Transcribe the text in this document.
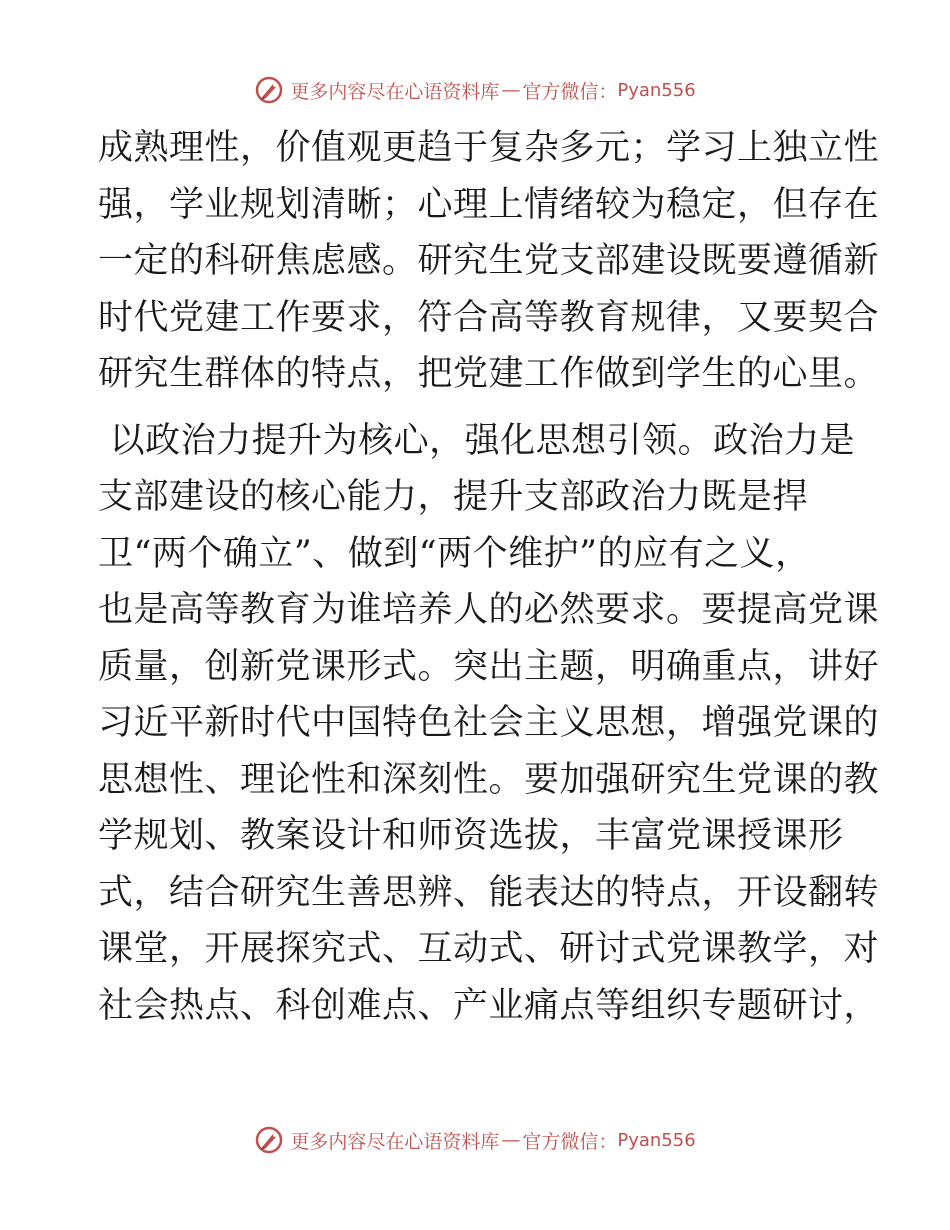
更多内容尽在心语资料库 — 官方微信： Pyan556
成熟理性，价值观更趋于复杂多元；学习上独立性
强，学业规划清晰；心理上情绪较为稳定，但存在
一定的科研焦虑感。研究生党支部建设既要遵循新
时代党建工作要求，符合高等教育规律，又要契合
研究生群体的特点，把党建工作做到学生的心里。
以政治力提升为核心，强化思想引领。政治力是
支部建设的核心能力，提升支部政治力既是捍
卫“两个确立”、做到“两个维护”的应有之义，
也是高等教育为谁培养人的必然要求。要提高党课
质量，创新党课形式。突出主题，明确重点，讲好
习近平新时代中国特色社会主义思想，增强党课的
思想性、理论性和深刻性。要加强研究生党课的教
学规划、教案设计和师资选拔，丰富党课授课形
式，结合研究生善思辨、能表达的特点，开设翻转
课堂，开展探究式、互动式、研讨式党课教学，对
社会热点、科创难点、产业痛点等组织专题研讨，
更多内容尽在心语资料库 — 官方微信： Pyan556
